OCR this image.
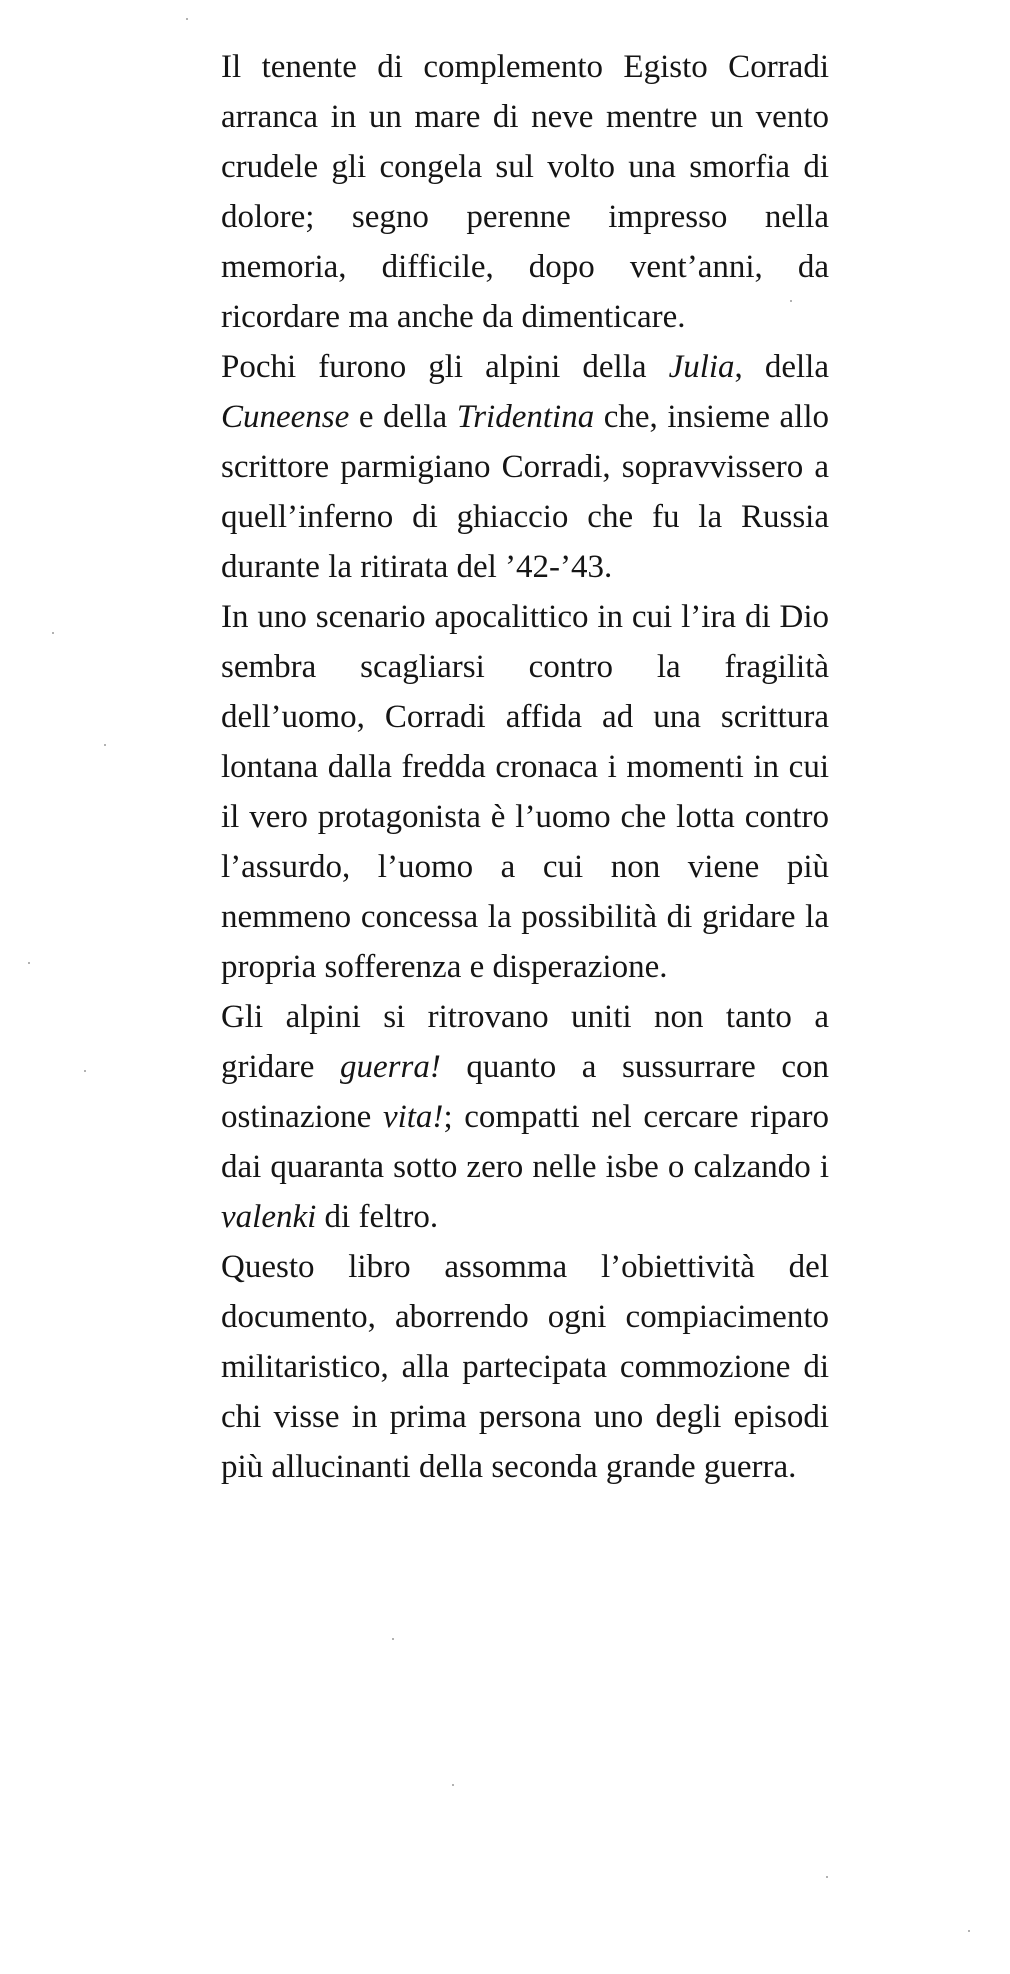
Il tenente di complemento Egisto Corradi arranca in un mare di neve mentre un vento crudele gli congela sul volto una smorfia di dolore; segno perenne impresso nella memoria, difficile, dopo vent’anni, da ricordare ma anche da dimenticare.

Pochi furono gli alpini della Julia, della Cuneense e della Tridentina che, insieme allo scrittore parmigiano Corradi, sopravvissero a quell’inferno di ghiaccio che fu la Russia durante la ritirata del ’42-’43.

In uno scenario apocalittico in cui l’ira di Dio sembra scagliarsi contro la fragilità dell’uomo, Corradi affida ad una scrittura lontana dalla fredda cronaca i momenti in cui il vero protagonista è l’uomo che lotta contro l’assurdo, l’uomo a cui non viene più nemmeno concessa la possibilità di gridare la propria sofferenza e disperazione.

Gli alpini si ritrovano uniti non tanto a gridare guerra! quanto a sussurrare con ostinazione vita!; compatti nel cercare riparo dai quaranta sotto zero nelle isbe o calzando i valenki di feltro.

Questo libro assomma l’obiettività del documento, aborrendo ogni compiacimento militaristico, alla partecipata commozione di chi visse in prima persona uno degli episodi più allucinanti della seconda grande guerra.
